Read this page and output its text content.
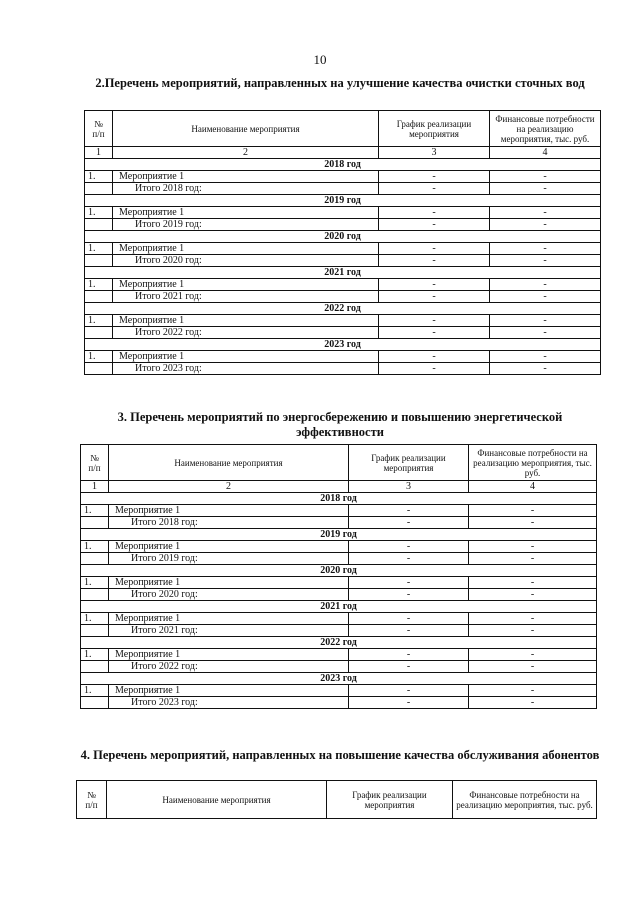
10
2.Перечень мероприятий, направленных на улучшение качества очистки сточных вод
№
п/п	Наименование мероприятия	График реализации мероприятия	Финансовые потребности на реализацию мероприятия, тыс. руб.
1	2	3	4
2018 год			
1.	Мероприятие 1	-	-
	Итого 2018 год:	-	-
2019 год			
1.	Мероприятие 1	-	-
	Итого 2019 год:	-	-
2020 год			
1.	Мероприятие 1	-	-
	Итого 2020 год:	-	-
2021 год			
1.	Мероприятие 1	-	-
	Итого 2021 год:	-	-
2022 год			
1.	Мероприятие 1	-	-
	Итого 2022 год:	-	-
2023 год			
1.	Мероприятие 1	-	-
	Итого 2023 год:	-	-
3. Перечень мероприятий по энергосбережению и повышению энергетической эффективности
№
п/п	Наименование мероприятия	График реализации мероприятия	Финансовые потребности на реализацию мероприятия, тыс. руб.
1	2	3	4
2018 год			
1.	Мероприятие 1	-	-
	Итого 2018 год:	-	-
2019 год			
1.	Мероприятие 1	-	-
	Итого 2019 год:	-	-
2020 год			
1.	Мероприятие 1	-	-
	Итого 2020 год:	-	-
2021 год			
1.	Мероприятие 1	-	-
	Итого 2021 год:	-	-
2022 год			
1.	Мероприятие 1	-	-
	Итого 2022 год:	-	-
2023 год			
1.	Мероприятие 1	-	-
	Итого 2023 год:	-	-
4. Перечень мероприятий, направленных на повышение качества обслуживания абонентов
№
п/п	Наименование мероприятия	График реализации мероприятия	Финансовые потребности на реализацию мероприятия, тыс. руб.
